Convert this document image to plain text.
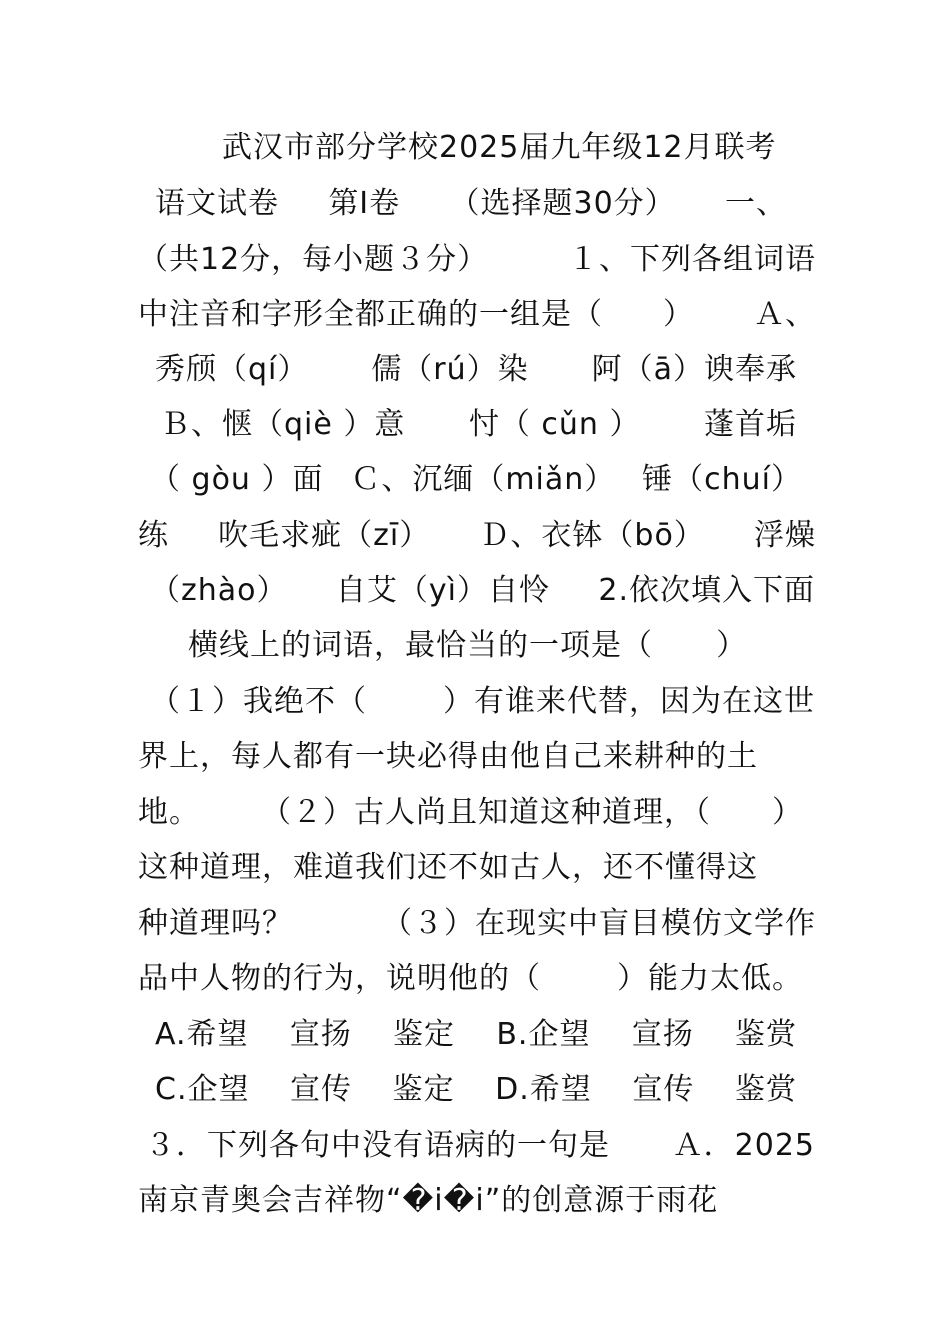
武汉市部分学校2025届九年级12月联考
语文试卷 第Ⅰ卷 （选择题30分） 一、
（共12分，每小题３分）	１、下列各组词语
中注音和字形全都正确的一组是（ ） Ａ、
秀颀（qí） 儒（rú）染 阿（ā）谀奉承
Ｂ、惬（qiè ）意 忖（ cǔn ） 蓬首垢
（ gòu ）面 Ｃ、沉缅（miǎn） 锤（chuí）
练 吹毛求疵（zī） Ｄ、衣钵（bō） 浮燥
（zhào） 自艾（yì）自怜 2.依次填入下面
横线上的词语，最恰当的一项是（ ）
（１）我绝不（	）有谁来代替，因为在这世
界上，每人都有一块必得由他自己来耕种的土
地。 （２）古人尚且知道这种道理，（ ）
这种道理，难道我们还不如古人，还不懂得这
种道理吗？	（３）在现实中盲目模仿文学作
品中人物的行为，说明他的（	）能力太低。
A.希望 宣扬 鉴定 B.企望 宣扬 鉴赏
C.企望 宣传 鉴定 D.希望 宣传 鉴赏
３．下列各句中没有语病的一句是 Ａ．2025
南京青奥会吉祥物“�i�i”的创意源于雨花
